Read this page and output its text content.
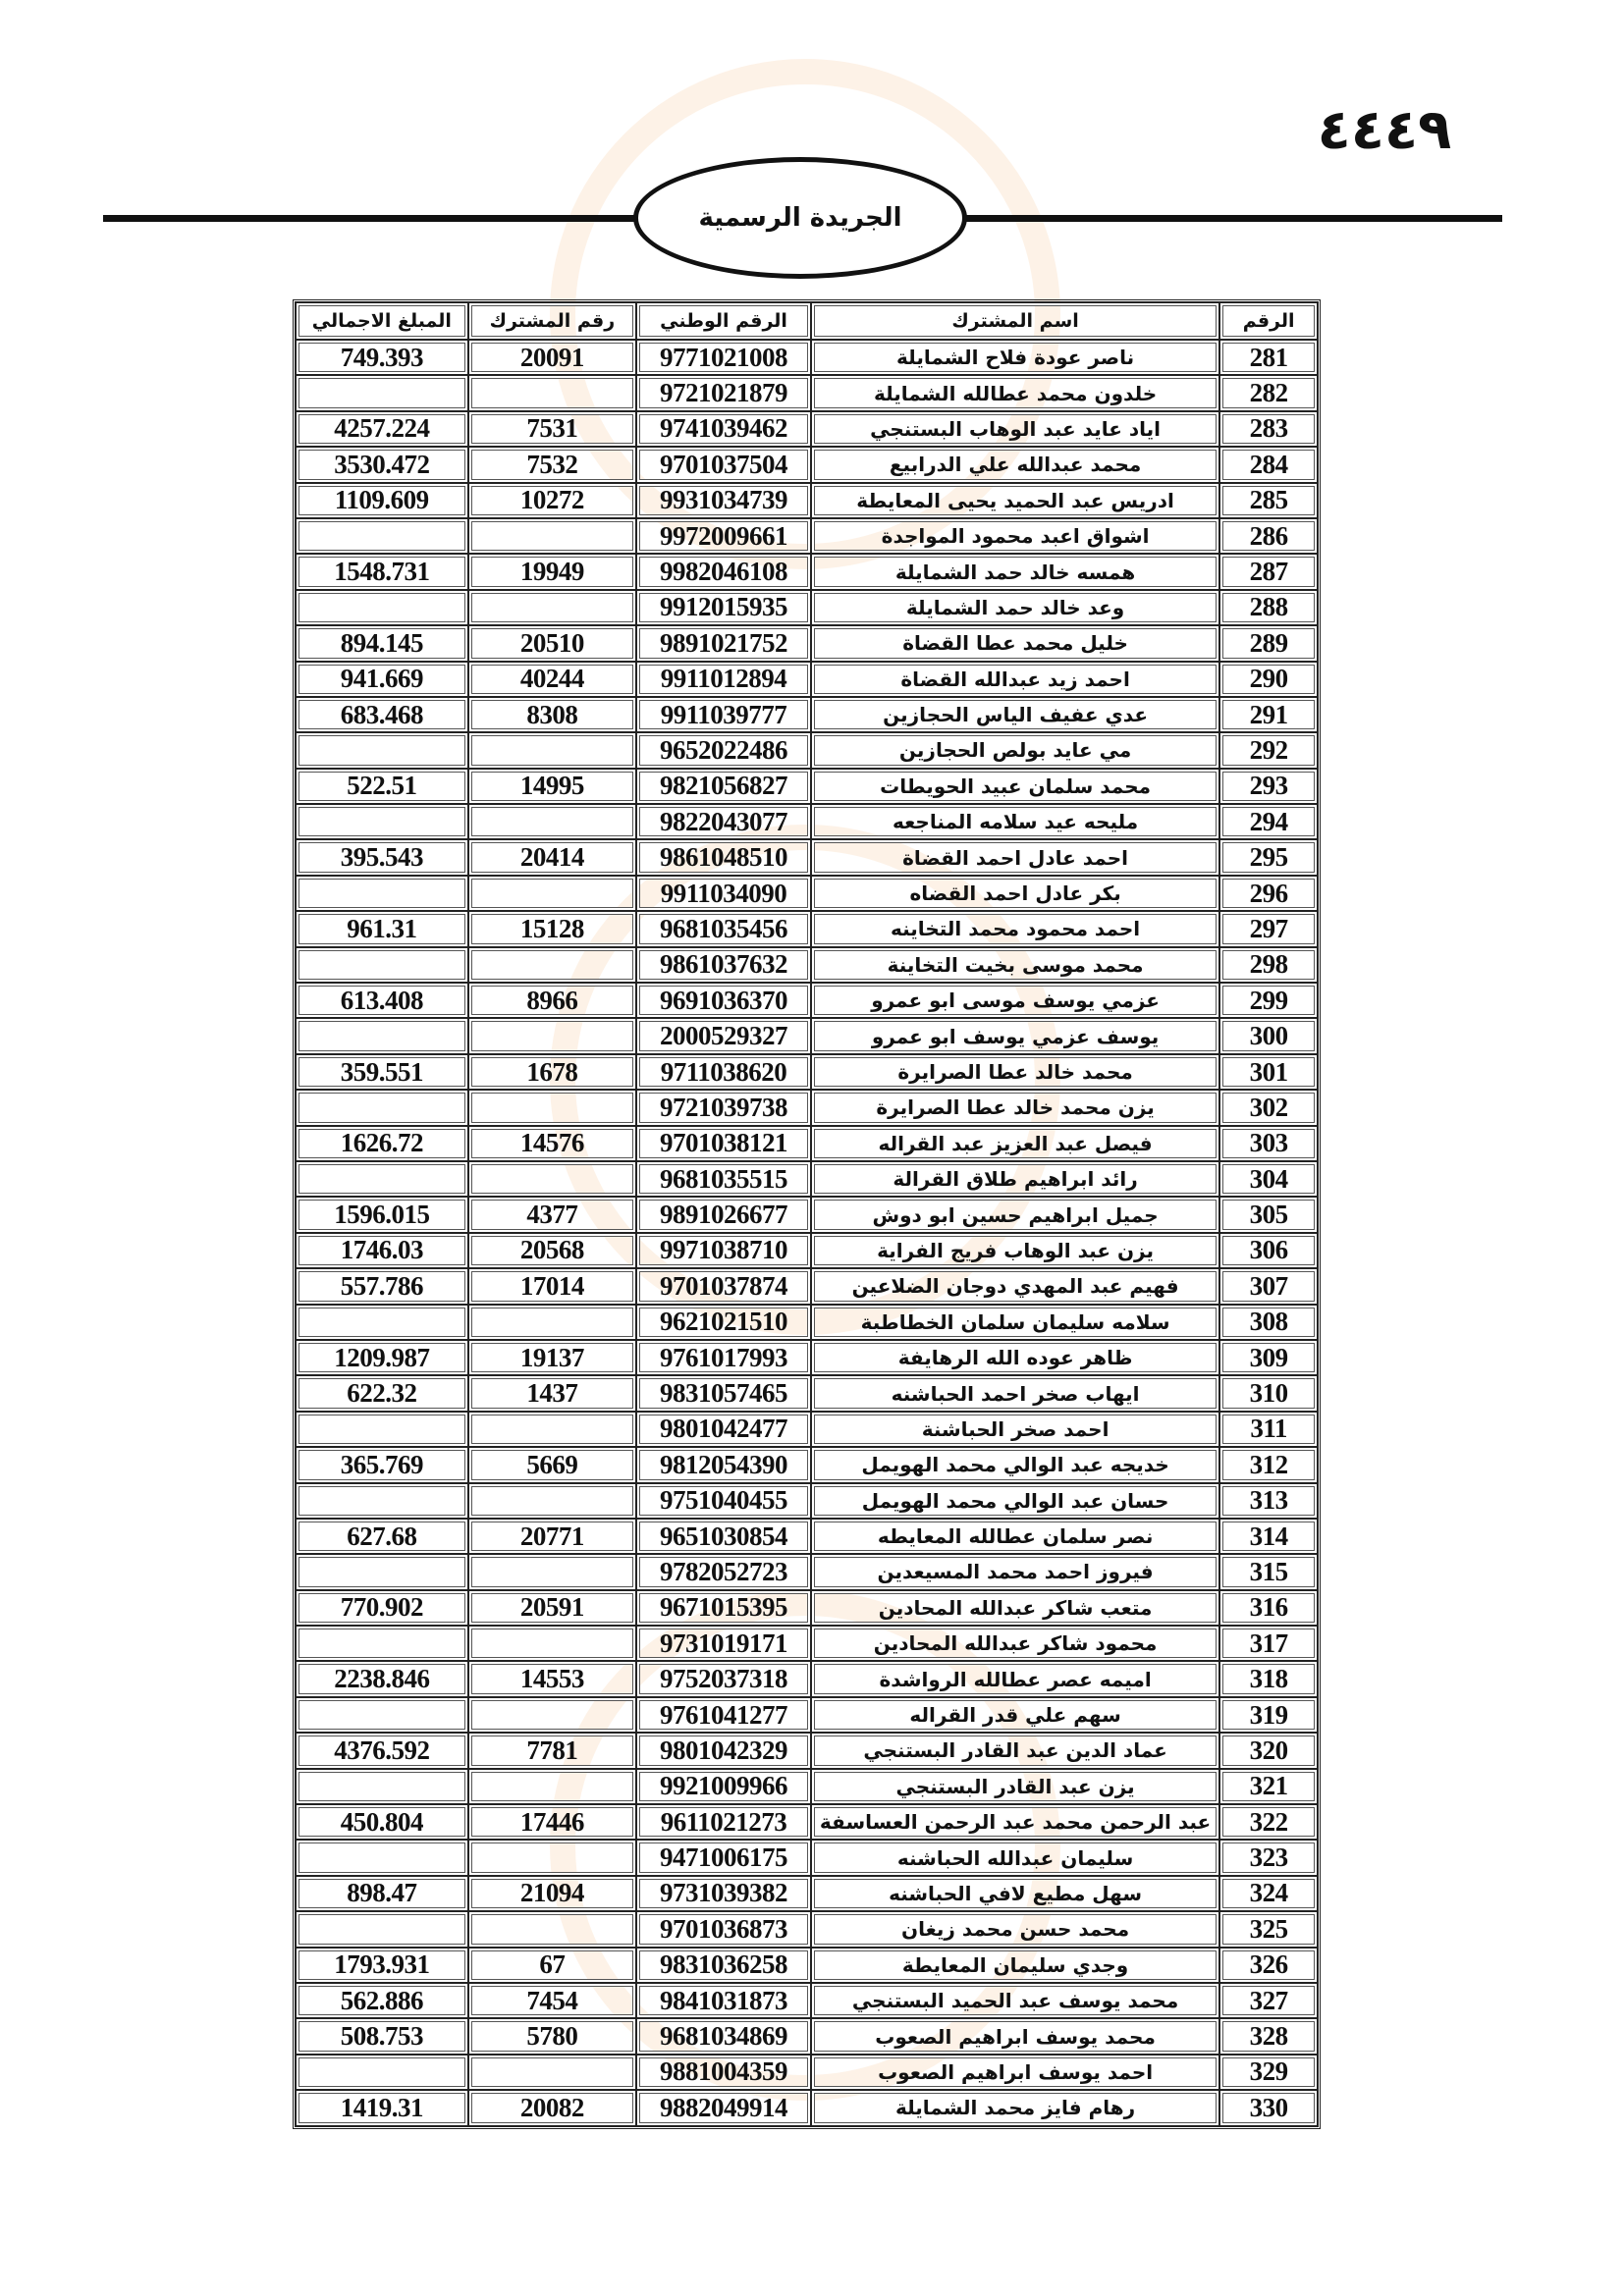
٤٤٤٩
الجريدة الرسمية
الرقم	اسم المشترك	الرقم الوطني	رقم المشترك	المبلغ الاجمالي
281	ناصر عودة فلاح الشمايلة	9771021008	20091	749.393
282	خلدون محمد عطالله الشمايلة	9721021879		
283	اياد عايد عبد الوهاب البستنجي	9741039462	7531	4257.224
284	محمد عبدالله علي الدرابيع	9701037504	7532	3530.472
285	ادريس عبد الحميد يحيى المعايطة	9931034739	10272	1109.609
286	اشواق اعبد محمود المواجدة	9972009661		
287	همسه خالد حمد الشمايلة	9982046108	19949	1548.731
288	وعد خالد حمد الشمايلة	9912015935		
289	خليل محمد عطا القضاة	9891021752	20510	894.145
290	احمد زيد عبدالله القضاة	9911012894	40244	941.669
291	عدي عفيف الياس الحجازين	9911039777	8308	683.468
292	مي عايد بولص الحجازين	9652022486		
293	محمد سلمان عبيد الحويطات	9821056827	14995	522.51
294	مليحه عيد سلامه المناجعه	9822043077		
295	احمد عادل احمد القضاة	9861048510	20414	395.543
296	بكر عادل احمد القضاه	9911034090		
297	احمد محمود محمد التخاينه	9681035456	15128	961.31
298	محمد موسى بخيت التخاينة	9861037632		
299	عزمي يوسف موسى ابو عمرو	9691036370	8966	613.408
300	يوسف عزمي يوسف ابو عمرو	2000529327		
301	محمد خالد عطا الصرايرة	9711038620	1678	359.551
302	يزن محمد خالد عطا الصرايرة	9721039738		
303	فيصل عبد العزيز عبد القراله	9701038121	14576	1626.72
304	رائد ابراهيم طلاق القرالة	9681035515		
305	جميل ابراهيم حسين ابو دوش	9891026677	4377	1596.015
306	يزن عبد الوهاب فريج الفراية	9971038710	20568	1746.03
307	فهيم عبد المهدي دوجان الضلاعين	9701037874	17014	557.786
308	سلامه سليمان سلمان الخطاطبة	9621021510		
309	ظاهر عوده الله الرهايفة	9761017993	19137	1209.987
310	ايهاب صخر احمد الحباشنه	9831057465	1437	622.32
311	احمد صخر الحباشنة	9801042477		
312	خديجه عبد الوالي محمد الهويمل	9812054390	5669	365.769
313	حسان عبد الوالي محمد الهويمل	9751040455		
314	نصر سلمان عطالله المعايطه	9651030854	20771	627.68
315	فيروز احمد محمد المسيعدين	9782052723		
316	متعب شاكر عبدالله المحادين	9671015395	20591	770.902
317	محمود شاكر عبدالله المحادين	9731019171		
318	اميمه عصر عطالله الرواشدة	9752037318	14553	2238.846
319	سهم علي قدر القراله	9761041277		
320	عماد الدين عبد القادر البستنجي	9801042329	7781	4376.592
321	يزن عبد القادر البستنجي	9921009966		
322	عبد الرحمن محمد عبد الرحمن العساسفة	9611021273	17446	450.804
323	سليمان عبدالله الحباشنه	9471006175		
324	سهل مطيع لافي الحباشنه	9731039382	21094	898.47
325	محمد حسن محمد زيغان	9701036873		
326	وجدي سليمان المعايطة	9831036258	67	1793.931
327	محمد يوسف عبد الحميد البستنجي	9841031873	7454	562.886
328	محمد يوسف ابراهيم الصعوب	9681034869	5780	508.753
329	احمد يوسف ابراهيم الصعوب	9881004359		
330	رهام فايز محمد الشمايلة	9882049914	20082	1419.31
